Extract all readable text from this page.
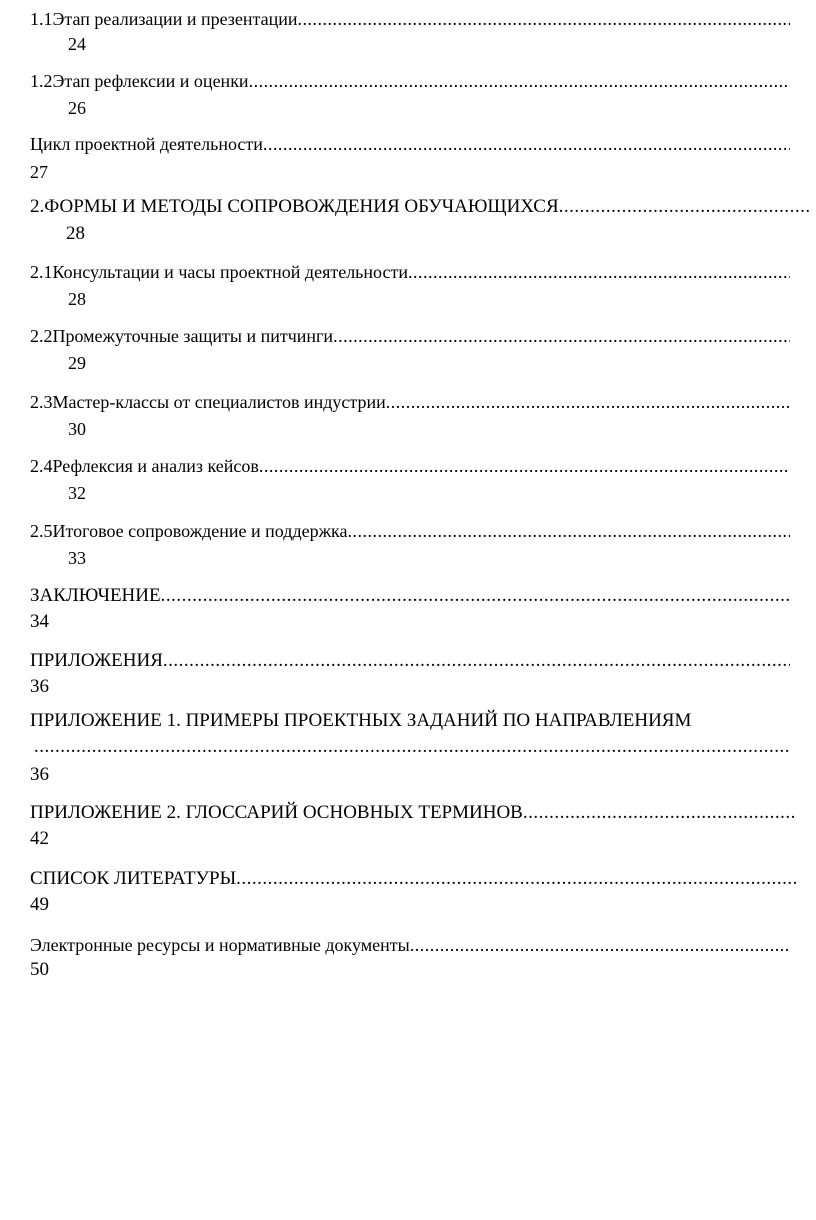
1.1 Этап реализации и презентации
.....
24
1.2 Этап рефлексии и оценки
.....
26
Цикл проектной деятельности
.....
27
2. ФОРМЫ И МЕТОДЫ СОПРОВОЖДЕНИЯ ОБУЧАЮЩИХСЯ
.....
28
2.1 Консультации и часы проектной деятельности
.....
28
2.2 Промежуточные защиты и питчинги
.....
29
2.3 Мастер-классы от специалистов индустрии
.....
30
2.4 Рефлексия и анализ кейсов
.....
32
2.5 Итоговое сопровождение и поддержка
.....
33
ЗАКЛЮЧЕНИЕ
.....
34
ПРИЛОЖЕНИЯ
.....
36
ПРИЛОЖЕНИЕ 1. ПРИМЕРЫ ПРОЕКТНЫХ ЗАДАНИЙ ПО НАПРАВЛЕНИЯМ
.....
36
ПРИЛОЖЕНИЕ 2. ГЛОССАРИЙ ОСНОВНЫХ ТЕРМИНОВ
.....
42
СПИСОК ЛИТЕРАТУРЫ
.....
49
Электронные ресурсы и нормативные документы
.....
50
